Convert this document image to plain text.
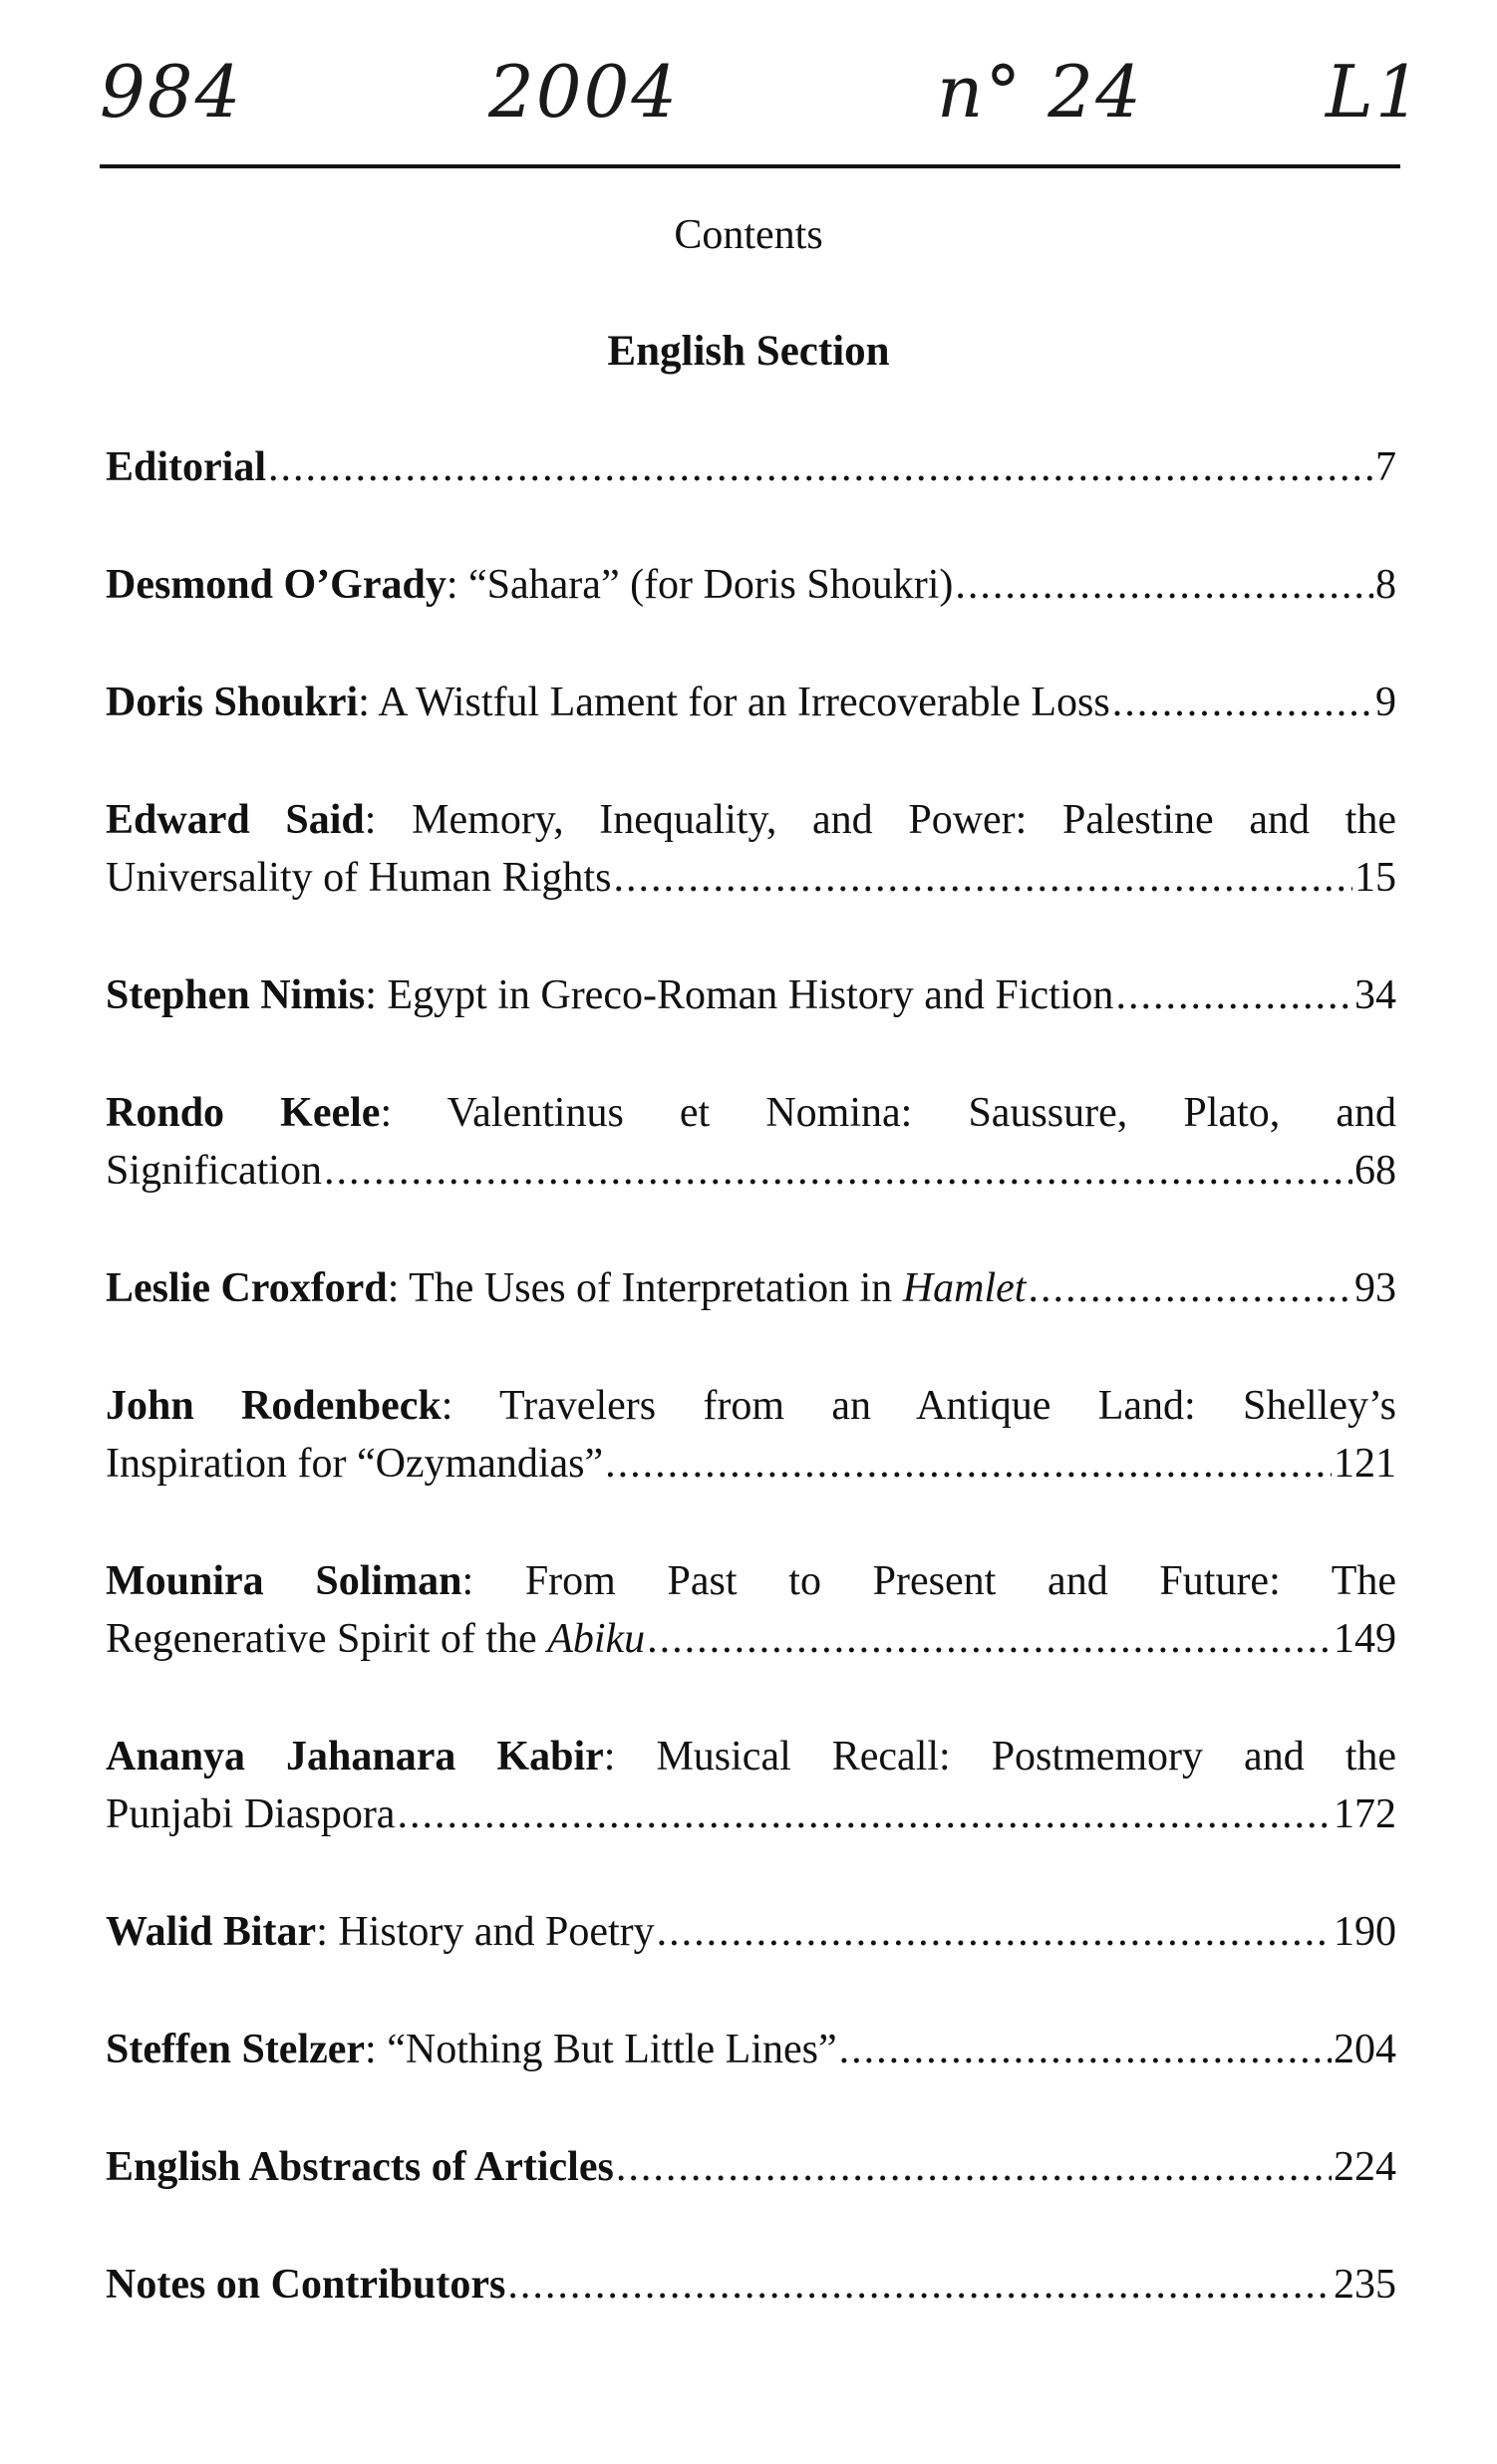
984	2004	n° 24	L1
Contents
English Section
Editorial .....	7
Desmond O’Grady: “Sahara” (for Doris Shoukri) .....	8
Doris Shoukri: A Wistful Lament for an Irrecoverable Loss .....	9
Edward Said: Memory, Inequality, and Power: Palestine and the
Universality of Human Rights .....	15
Stephen Nimis: Egypt in Greco-Roman History and Fiction .....	34
Rondo Keele: Valentinus et Nomina: Saussure, Plato, and
Signification .....	68
Leslie Croxford: The Uses of Interpretation in Hamlet .....	93
John Rodenbeck: Travelers from an Antique Land: Shelley’s
Inspiration for “Ozymandias” .....	121
Mounira Soliman: From Past to Present and Future: The
Regenerative Spirit of the Abiku .....	149
Ananya Jahanara Kabir: Musical Recall: Postmemory and the
Punjabi Diaspora .....	172
Walid Bitar: History and Poetry .....	190
Steffen Stelzer: “Nothing But Little Lines” .....	204
English Abstracts of Articles .....	224
Notes on Contributors .....	235
